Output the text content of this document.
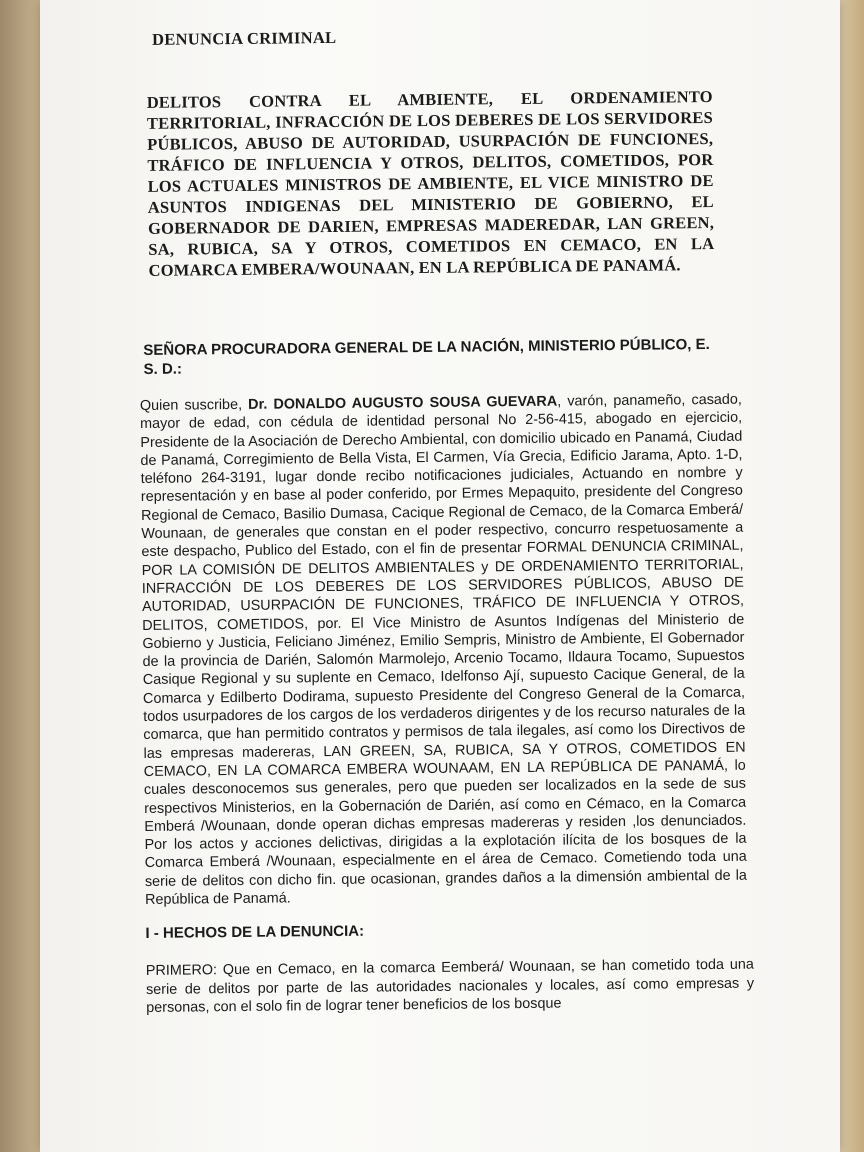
DENUNCIA CRIMINAL
DELITOS CONTRA EL AMBIENTE, EL ORDENAMIENTO TERRITORIAL, INFRACCIÓN DE LOS DEBERES DE LOS SERVIDORES PÚBLICOS, ABUSO DE AUTORIDAD, USURPACIÓN DE FUNCIONES, TRÁFICO DE INFLUENCIA Y OTROS, DELITOS, COMETIDOS, POR LOS ACTUALES MINISTROS DE AMBIENTE, EL VICE MINISTRO DE ASUNTOS INDIGENAS DEL MINISTERIO DE GOBIERNO, EL GOBERNADOR DE DARIEN, EMPRESAS MADEREDAR, LAN GREEN, SA, RUBICA, SA Y OTROS, COMETIDOS EN CEMACO, EN LA COMARCA EMBERA/WOUNAAN, EN LA REPÚBLICA DE PANAMÁ.
SEÑORA PROCURADORA GENERAL DE LA NACIÓN, MINISTERIO PÚBLICO, E. S. D.:

Quien suscribe, Dr. DONALDO AUGUSTO SOUSA GUEVARA, varón, panameño, casado, mayor de edad, con cédula de identidad personal No 2-56-415, abogado en ejercicio, Presidente de la Asociación de Derecho Ambiental, con domicilio ubicado en Panamá, Ciudad de Panamá, Corregimiento de Bella Vista, El Carmen, Vía Grecia, Edificio Jarama, Apto. 1-D, teléfono 264-3191, lugar donde recibo notificaciones judiciales, Actuando en nombre y representación y en base al poder conferido, por Ermes Mepaquito, presidente del Congreso Regional de Cemaco, Basilio Dumasa, Cacique Regional de Cemaco, de la Comarca Emberá/ Wounaan, de generales que constan en el poder respectivo, concurro respetuosamente a este despacho, Publico del Estado, con el fin de presentar FORMAL DENUNCIA CRIMINAL, POR LA COMISIÓN DE DELITOS AMBIENTALES y DE ORDENAMIENTO TERRITORIAL, INFRACCIÓN DE LOS DEBERES DE LOS SERVIDORES PÚBLICOS, ABUSO DE AUTORIDAD, USURPACIÓN DE FUNCIONES, TRÁFICO DE INFLUENCIA Y OTROS, DELITOS, COMETIDOS, por. El Vice Ministro de Asuntos Indígenas del Ministerio de Gobierno y Justicia, Feliciano Jiménez, Emilio Sempris, Ministro de Ambiente, El Gobernador de la provincia de Darién, Salomón Marmolejo, Arcenio Tocamo, Ildaura Tocamo, Supuestos Casique Regional y su suplente en Cemaco, Idelfonso Ají, supuesto Cacique General, de la Comarca y Edilberto Dodirama, supuesto Presidente del Congreso General de la Comarca, todos usurpadores de los cargos de los verdaderos dirigentes y de los recurso naturales de la comarca, que han permitido contratos y permisos de tala ilegales, así como los Directivos de las empresas madereras, LAN GREEN, SA, RUBICA, SA Y OTROS, COMETIDOS EN CEMACO, EN LA COMARCA EMBERA WOUNAAM, EN LA REPÚBLICA DE PANAMÁ, lo cuales desconocemos sus generales, pero que pueden ser localizados en la sede de sus respectivos Ministerios, en la Gobernación de Darién, así como en Cémaco, en la Comarca Emberá /Wounaan, donde operan dichas empresas madereras y residen ,los denunciados. Por los actos y acciones delictivas, dirigidas a la explotación ilícita de los bosques de la Comarca Emberá /Wounaan, especialmente en el área de Cemaco. Cometiendo toda una serie de delitos con dicho fin. que ocasionan, grandes daños a la dimensión ambiental de la República de Panamá.

I - HECHOS DE LA DENUNCIA:

PRIMERO: Que en Cemaco, en la comarca Eemberá/ Wounaan, se han cometido toda una serie de delitos por parte de las autoridades nacionales y locales, así como empresas y personas, con el solo fin de lograr tener beneficios de los bosque
